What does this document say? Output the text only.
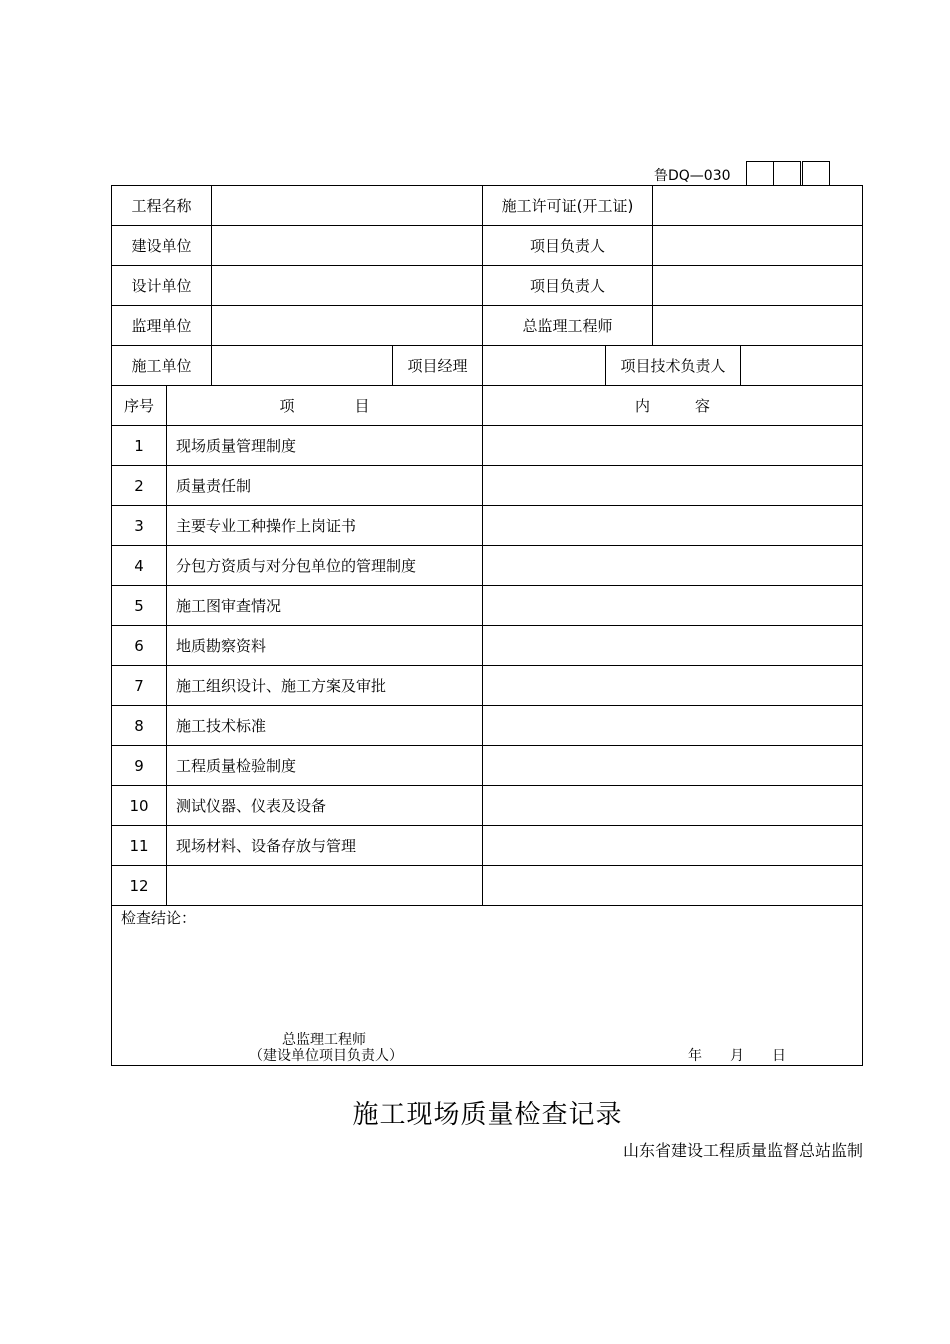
鲁DQ—030
工程名称				施工许可证(开工证)			
建设单位				项目负责人			
设计单位				项目负责人			
监理单位				总监理工程师			
施工单位			项目经理		项目技术负责人		
序号	项　　　　目			内　　　容			
1	现场质量管理制度						
2	质量责任制						
3	主要专业工种操作上岗证书						
4	分包方资质与对分包单位的管理制度						
5	施工图审查情况						
6	地质勘察资料						
7	施工组织设计、施工方案及审批						
8	施工技术标准						
9	工程质量检验制度						
10	测试仪器、仪表及设备						
11	现场材料、设备存放与管理						
12							

检查结论：
总监理工程师
（建设单位项目负责人） 年　　月　　日							
施工现场质量检查记录
山东省建设工程质量监督总站监制
